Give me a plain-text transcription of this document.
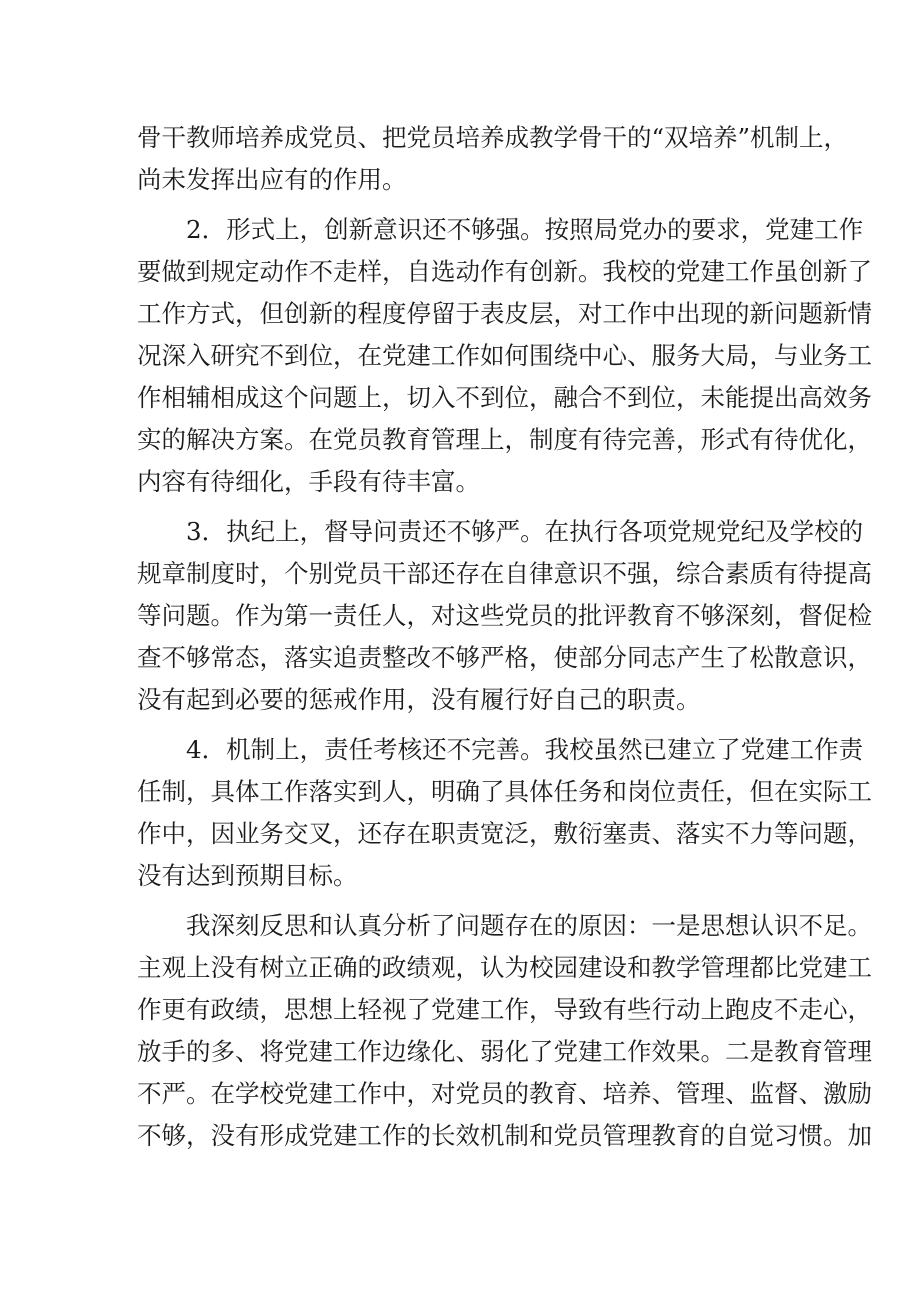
骨干教师培养成党员、把党员培养成教学骨干的“双培养”机制上，
尚未发挥出应有的作用。
2．形式上，创新意识还不够强。按照局党办的要求，党建工作
要做到规定动作不走样，自选动作有创新。我校的党建工作虽创新了
工作方式，但创新的程度停留于表皮层，对工作中出现的新问题新情
况深入研究不到位，在党建工作如何围绕中心、服务大局，与业务工
作相辅相成这个问题上，切入不到位，融合不到位，未能提出高效务
实的解决方案。在党员教育管理上，制度有待完善，形式有待优化，
内容有待细化，手段有待丰富。
3．执纪上，督导问责还不够严。在执行各项党规党纪及学校的
规章制度时，个别党员干部还存在自律意识不强，综合素质有待提高
等问题。作为第一责任人，对这些党员的批评教育不够深刻，督促检
查不够常态，落实追责整改不够严格，使部分同志产生了松散意识，
没有起到必要的惩戒作用，没有履行好自己的职责。
4．机制上，责任考核还不完善。我校虽然已建立了党建工作责
任制，具体工作落实到人，明确了具体任务和岗位责任，但在实际工
作中，因业务交叉，还存在职责宽泛，敷衍塞责、落实不力等问题，
没有达到预期目标。
我深刻反思和认真分析了问题存在的原因：一是思想认识不足。
主观上没有树立正确的政绩观，认为校园建设和教学管理都比党建工
作更有政绩，思想上轻视了党建工作，导致有些行动上跑皮不走心，
放手的多、将党建工作边缘化、弱化了党建工作效果。二是教育管理
不严。在学校党建工作中，对党员的教育、培养、管理、监督、激励
不够，没有形成党建工作的长效机制和党员管理教育的自觉习惯。加
